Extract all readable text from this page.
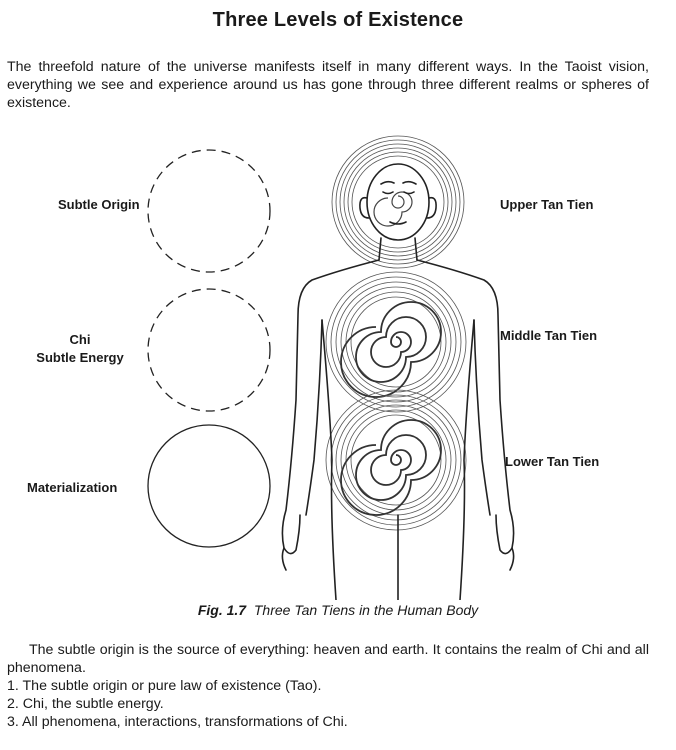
Three Levels of Existence
The threefold nature of the universe manifests itself in many different ways. In the Taoist vision, everything we see and experience around us has gone through three different realms or spheres of existence.
Subtle Origin
Chi
Subtle Energy
Materialization
Upper Tan Tien
Middle Tan Tien
Lower Tan Tien
Fig. 1.7 Three Tan Tiens in the Human Body

The subtle origin is the source of everything: heaven and earth. It contains the realm of Chi and all phenomena.

1. The subtle origin or pure law of existence (Tao).
2. Chi, the subtle energy.
3. All phenomena, interactions, transformations of Chi.
